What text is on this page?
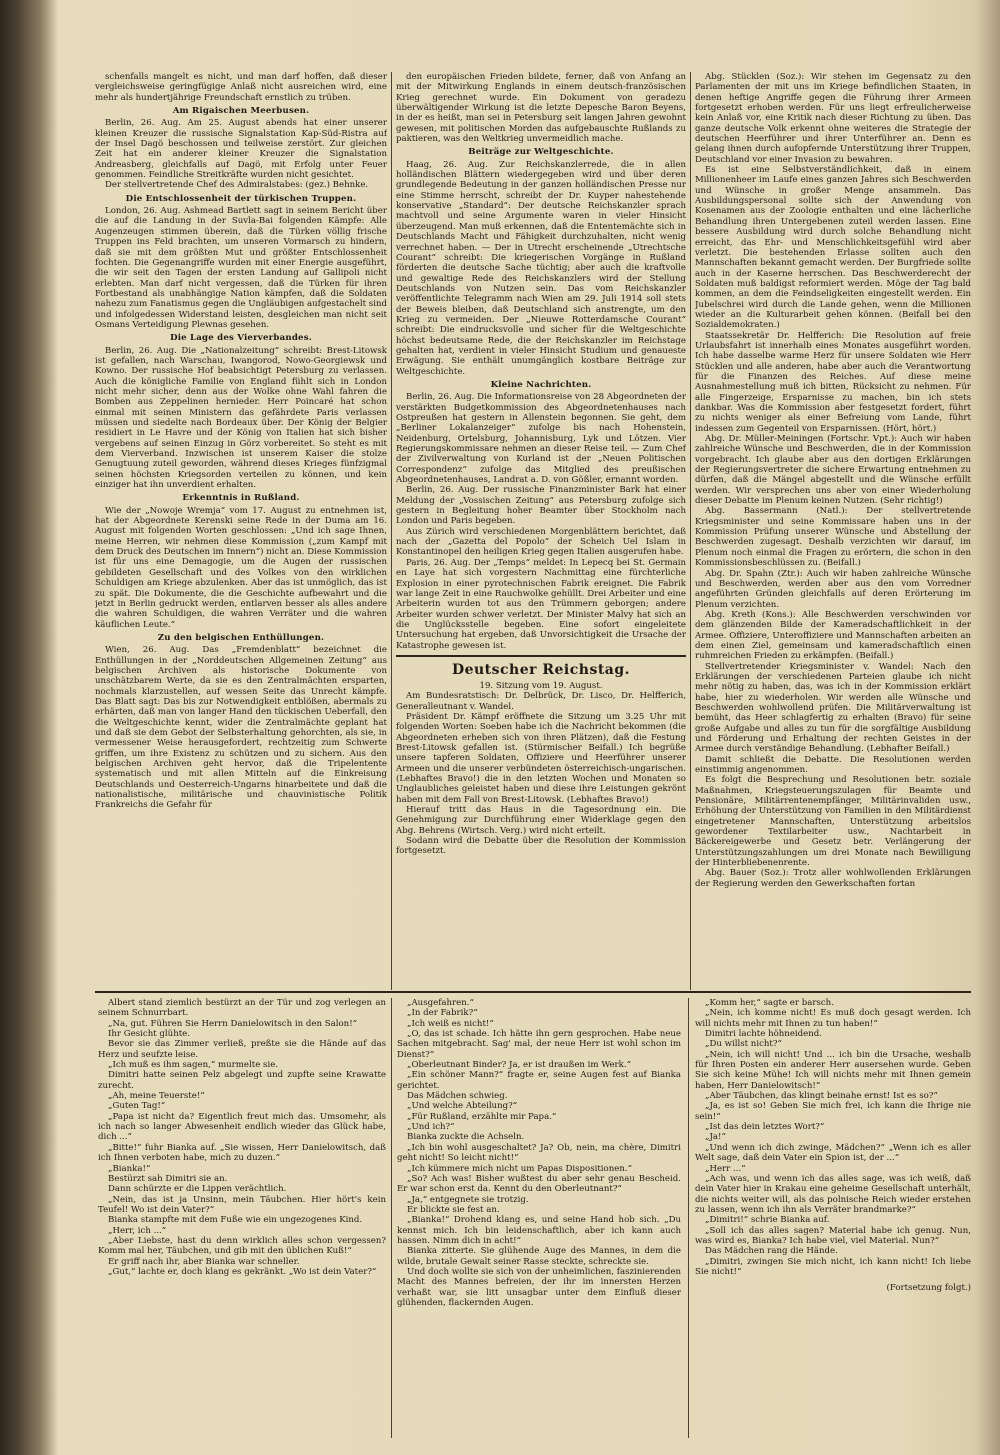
schenfalls mangelt es nicht, und man darf hoffen, daß dieser vergleichsweise geringfügige Anlaß nicht ausreichen wird, eine mehr als hundertjährige Freundschaft ernstlich zu trüben.

Am Rigaischen Meerbusen.

Berlin, 26. Aug. Am 25. August abends hat einer unserer kleinen Kreuzer die russische Signalstation Kap-Süd-Ristra auf der Insel Dagö beschossen und teilweise zerstört. Zur gleichen Zeit hat ein anderer kleiner Kreuzer die Signalstation Andreasberg, gleichfalls auf Dagö, mit Erfolg unter Feuer genommen. Feindliche Streitkräfte wurden nicht gesichtet.

Der stellvertretende Chef des Admiralstabes: (gez.) Behnke.

Die Entschlossenheit der türkischen Truppen.

London, 26. Aug. Ashmead Bartlett sagt in seinem Bericht über die auf die Landung in der Suvla-Bai folgenden Kämpfe: Alle Augenzeugen stimmen überein, daß die Türken völlig frische Truppen ins Feld brachten, um unseren Vormarsch zu hindern, daß sie mit dem größten Mut und größter Entschlossenheit fochten. Die Gegenangriffe wurden mit einer Energie ausgeführt, die wir seit den Tagen der ersten Landung auf Gallipoli nicht erlebten. Man darf nicht vergessen, daß die Türken für ihren Fortbestand als unabhängige Nation kämpfen, daß die Soldaten nahezu zum Fanatismus gegen die Ungläubigen aufgestachelt sind und infolgedessen Widerstand leisten, desgleichen man nicht seit Osmans Verteidigung Plewnas gesehen.

Die Lage des Vierverbandes.

Berlin, 26. Aug. Die „Nationalzeitung“ schreibt: Brest-Litowsk ist gefallen, nach Warschau, Iwangorod, Nowo-Georgiewsk und Kowno. Der russische Hof beabsichtigt Petersburg zu verlassen. Auch die königliche Familie von England fühlt sich in London nicht mehr sicher, denn aus der Wolke ohne Wahl fahren die Bomben aus Zeppelinen hernieder. Herr Poincaré hat schon einmal mit seinen Ministern das gefährdete Paris verlassen müssen und siedelte nach Bordeaux über. Der König der Belgier residiert in Le Havre und der König von Italien hat sich bisher vergebens auf seinen Einzug in Görz vorbereitet. So steht es mit dem Vierverband. Inzwischen ist unserem Kaiser die stolze Genugtuung zuteil geworden, während dieses Krieges fünfzigmal seinen höchsten Kriegsorden verteilen zu können, und kein einziger hat ihn unverdient erhalten.

Erkenntnis in Rußland.

Wie der „Nowoje Wremja“ vom 17. August zu entnehmen ist, hat der Abgeordnete Kerenski seine Rede in der Duma am 16. August mit folgenden Worten geschlossen: „Und ich sage Ihnen, meine Herren, wir nehmen diese Kommission („zum Kampf mit dem Druck des Deutschen im Innern“) nicht an. Diese Kommission ist für uns eine Demagogie, um die Augen der russischen gebildeten Gesellschaft und des Volkes von den wirklichen Schuldigen am Kriege abzulenken. Aber das ist unmöglich, das ist zu spät. Die Dokumente, die die Geschichte aufbewahrt und die jetzt in Berlin gedruckt werden, entlarven besser als alles andere die wahren Schuldigen, die wahren Verräter und die wahren käuflichen Leute.“

Zu den belgischen Enthüllungen.

Wien, 26. Aug. Das „Fremdenblatt“ bezeichnet die Enthüllungen in der „Norddeutschen Allgemeinen Zeitung“ aus belgischen Archiven als historische Dokumente von unschätzbarem Werte, da sie es den Zentralmächten ersparten, nochmals klarzustellen, auf wessen Seite das Unrecht kämpfe. Das Blatt sagt: Das bis zur Notwendigkeit entblößen, abermals zu erhärten, daß man von langer Hand den tückischen Ueberfall, den die Weltgeschichte kennt, wider die Zentralmächte geplant hat und daß sie dem Gebot der Selbsterhaltung gehorchten, als sie, in vermessener Weise herausgefordert, rechtzeitig zum Schwerte griffen, um ihre Existenz zu schützen und zu sichern. Aus den belgischen Archiven geht hervor, daß die Tripelentente systematisch und mit allen Mitteln auf die Einkreisung Deutschlands und Oesterreich-Ungarns hinarbeitete und daß die nationalistische, militärische und chauvinistische Politik Frankreichs die Gefahr für

den europäischen Frieden bildete, ferner, daß von Anfang an mit der Mitwirkung Englands in einem deutsch-französischen Krieg gerechnet wurde. Ein Dokument von geradezu überwältigender Wirkung ist die letzte Depesche Baron Beyens, in der es heißt, man sei in Petersburg seit langen Jahren gewohnt gewesen, mit politischen Morden das aufgebauschte Rußlands zu paktieren, was den Weltkrieg unvermeidlich mache.

Beiträge zur Weltgeschichte.

Haag, 26. Aug. Zur Reichskanzlerrede, die in allen holländischen Blättern wiedergegeben wird und über deren grundlegende Bedeutung in der ganzen holländischen Presse nur eine Stimme herrscht, schreibt der Dr. Kuyper nahestehende konservative „Standard“: Der deutsche Reichskanzler sprach machtvoll und seine Argumente waren in vieler Hinsicht überzeugend. Man muß erkennen, daß die Ententemächte sich in Deutschlands Macht und Fähigkeit durchzuhalten, nicht wenig verrechnet haben. — Der in Utrecht erscheinende „Utrechtsche Courant“ schreibt: Die kriegerischen Vorgänge in Rußland förderten die deutsche Sache tüchtig; aber auch die kraftvolle und gewaltige Rede des Reichskanzlers wird der Stellung Deutschlands von Nutzen sein. Das vom Reichskanzler veröffentlichte Telegramm nach Wien am 29. Juli 1914 soll stets der Beweis bleiben, daß Deutschland sich anstrengte, um den Krieg zu vermeiden. Der „Nieuwe Rotterdamsche Courant“ schreibt: Die eindrucksvolle und sicher für die Weltgeschichte höchst bedeutsame Rede, die der Reichskanzler im Reichstage gehalten hat, verdient in vieler Hinsicht Studium und genaueste Erwägung. Sie enthält unumgänglich kostbare Beiträge zur Weltgeschichte.

Kleine Nachrichten.

Berlin, 26. Aug. Die Informationsreise von 28 Abgeordneten der verstärkten Budgetkommission des Abgeordnetenhauses nach Ostpreußen hat gestern in Allenstein begonnen. Sie geht, dem „Berliner Lokalanzeiger“ zufolge bis nach Hohenstein, Neidenburg, Ortelsburg, Johannisburg, Lyk und Lötzen. Vier Regierungskommissare nehmen an dieser Reise teil. — Zum Chef der Zivilverwaltung von Kurland ist der „Neuen Politischen Correspondenz“ zufolge das Mitglied des preußischen Abgeordnetenhauses, Landrat a. D. von Gößler, ernannt worden.

Berlin, 26. Aug. Der russische Finanzminister Bark hat einer Meldung der „Vossischen Zeitung“ aus Petersburg zufolge sich gestern in Begleitung hoher Beamter über Stockholm nach London und Paris begeben.

Aus Zürich wird verschiedenen Morgenblättern berichtet, daß nach der „Gazetta del Popolo“ der Scheich Uel Islam in Konstantinopel den heiligen Krieg gegen Italien ausgerufen habe.

Paris, 26. Aug. Der „Temps“ meldet: In Lepecq bei St. Germain en Laye hat sich vorgestern Nachmittag eine fürchterliche Explosion in einer pyrotechnischen Fabrik ereignet. Die Fabrik war lange Zeit in eine Rauchwolke gehüllt. Drei Arbeiter und eine Arbeiterin wurden tot aus den Trümmern geborgen; andere Arbeiter wurden schwer verletzt. Der Minister Malvy hat sich an die Unglücksstelle begeben. Eine sofort eingeleitete Untersuchung hat ergeben, daß Unvorsichtigkeit die Ursache der Katastrophe gewesen ist.

Deutscher Reichstag.
19. Sitzung vom 19. August.

Am Bundesratstisch: Dr. Delbrück, Dr. Lisco, Dr. Helfferich, Generalleutnant v. Wandel.

Präsident Dr. Kämpf eröffnete die Sitzung um 3.25 Uhr mit folgenden Worten: Soeben habe ich die Nachricht bekommen (die Abgeordneten erheben sich von ihren Plätzen), daß die Festung Brest-Litowsk gefallen ist. (Stürmischer Beifall.) Ich begrüße unsere tapferen Soldaten, Offiziere und Heerführer unserer Armeen und die unserer verbündeten österreichisch-ungarischen. (Lebhaftes Bravo!) die in den letzten Wochen und Monaten so Unglaubliches geleistet haben und diese ihre Leistungen gekrönt haben mit dem Fall von Brest-Litowsk. (Lebhaftes Bravo!)

Hierauf tritt das Haus in die Tagesordnung ein. Die Genehmigung zur Durchführung einer Widerklage gegen den Abg. Behrens (Wirtsch. Verg.) wird nicht erteilt.

Sodann wird die Debatte über die Resolution der Kommission fortgesetzt.

Abg. Stücklen (Soz.): Wir stehen im Gegensatz zu den Parlamenten der mit uns im Kriege befindlichen Staaten, in denen heftige Angriffe gegen die Führung ihrer Armeen fortgesetzt erhoben werden. Für uns liegt erfreulicherweise kein Anlaß vor, eine Kritik nach dieser Richtung zu üben. Das ganze deutsche Volk erkennt ohne weiteres die Strategie der deutschen Heerführer und ihrer Unterführer an. Denn es gelang ihnen durch aufopfernde Unterstützung ihrer Truppen, Deutschland vor einer Invasion zu bewahren.

Es ist eine Selbstverständlichkeit, daß in einem Millionenheer im Laufe eines ganzen Jahres sich Beschwerden und Wünsche in großer Menge ansammeln. Das Ausbildungspersonal sollte sich der Anwendung von Kosenamen aus der Zoologie enthalten und eine lächerliche Behandlung ihren Untergebenen zuteil werden lassen. Eine bessere Ausbildung wird durch solche Behandlung nicht erreicht, das Ehr- und Menschlichkeitsgefühl wird aber verletzt. Die bestehenden Erlasse sollten auch den Mannschaften bekannt gemacht werden. Der Burgfriede sollte auch in der Kaserne herrschen. Das Beschwerderecht der Soldaten muß baldigst reformiert werden. Möge der Tag bald kommen, an dem die Feindseligkeiten eingestellt werden. Ein Jubelschrei wird durch die Lande gehen, wenn die Millionen wieder an die Kulturarbeit gehen können. (Beifall bei den Sozialdemokraten.)

Staatssekretär Dr. Helfferich: Die Resolution auf freie Urlaubsfahrt ist innerhalb eines Monates ausgeführt worden. Ich habe dasselbe warme Herz für unsere Soldaten wie Herr Stücklen und alle anderen, habe aber auch die Verantwortung für die Finanzen des Reiches. Auf diese meine Ausnahmestellung muß ich bitten, Rücksicht zu nehmen. Für alle Fingerzeige, Ersparnisse zu machen, bin ich stets dankbar. Was die Kommission aber festgesetzt fordert, führt zu nichts weniger als einer Befreiung vom Lande, führt indessen zum Gegenteil von Ersparnissen. (Hört, hört.)

Abg. Dr. Müller-Meiningen (Fortschr. Vpt.): Auch wir haben zahlreiche Wünsche und Beschwerden, die in der Kommission vorgebracht. Ich glaube aber aus den dortigen Erklärungen der Regierungsvertreter die sichere Erwartung entnehmen zu dürfen, daß die Mängel abgestellt und die Wünsche erfüllt werden. Wir versprechen uns aber von einer Wiederholung dieser Debatte im Plenum keinen Nutzen. (Sehr richtig!)

Abg. Bassermann (Natl.): Der stellvertretende Kriegsminister und seine Kommissare haben uns in der Kommission Prüfung unserer Wünsche und Abstellung der Beschwerden zugesagt. Deshalb verzichten wir darauf, im Plenum noch einmal die Fragen zu erörtern, die schon in den Kommissionsbeschlüssen zu. (Beifall.)

Abg. Dr. Spahn (Ztr.): Auch wir haben zahlreiche Wünsche und Beschwerden, werden aber aus den vom Vorredner angeführten Gründen gleichfalls auf deren Erörterung im Plenum verzichten.

Abg. Kreth (Kons.): Alle Beschwerden verschwinden vor dem glänzenden Bilde der Kameradschaftlichkeit in der Armee. Offiziere, Unteroffiziere und Mannschaften arbeiten an dem einen Ziel, gemeinsam und kameradschaftlich einen ruhmreichen Frieden zu erkämpfen. (Beifall.)

Stellvertretender Kriegsminister v. Wandel: Nach den Erklärungen der verschiedenen Parteien glaube ich nicht mehr nötig zu haben, das, was ich in der Kommission erklärt habe, hier zu wiederholen. Wir werden alle Wünsche und Beschwerden wohlwollend prüfen. Die Militärverwaltung ist bemüht, das Heer schlagfertig zu erhalten (Bravo) für seine große Aufgabe und alles zu tun für die sorgfältige Ausbildung und Förderung und Erhaltung der rechten Geistes in der Armee durch verständige Behandlung. (Lebhafter Beifall.)

Damit schließt die Debatte. Die Resolutionen werden einstimmig angenommen.

Es folgt die Besprechung und Resolutionen betr. soziale Maßnahmen, Kriegsteuerungszulagen für Beamte und Pensionäre, Militärrentenempfänger, Militärinvaliden usw., Erhöhung der Unterstützung von Familien in den Militärdienst eingetretener Mannschaften, Unterstützung arbeitslos gewordener Textilarbeiter usw., Nachtarbeit in Bäckereigewerbe und Gesetz betr. Verlängerung der Unterstützungszahlungen um drei Monate nach Bewilligung der Hinterbliebenenrente.

Abg. Bauer (Soz.): Trotz aller wohlwollenden Erklärungen der Regierung werden den Gewerkschaften fortan

Albert stand ziemlich bestürzt an der Tür und zog verlegen an seinem Schnurrbart.

„Na, gut. Führen Sie Herrn Danielowitsch in den Salon!“

Ihr Gesicht glühte.

Bevor sie das Zimmer verließ, preßte sie die Hände auf das Herz und seufzte leise.

„Ich muß es ihm sagen,“ murmelte sie.

Dimitri hatte seinen Pelz abgelegt und zupfte seine Krawatte zurecht.

„Ah, meine Teuerste!“

„Guten Tag!“

„Papa ist nicht da? Eigentlich freut mich das. Umsomehr, als ich nach so langer Abwesenheit endlich wieder das Glück habe, dich ...“

„Bitte!“ fuhr Bianka auf. „Sie wissen, Herr Danielowitsch, daß ich Ihnen verboten habe, mich zu duzen.“

„Bianka!“

Bestürzt sah Dimitri sie an.

Dann schürzte er die Lippen verächtlich.

„Nein, das ist ja Unsinn, mein Täubchen. Hier hört's kein Teufel! Wo ist dein Vater?“

Bianka stampfte mit dem Fuße wie ein ungezogenes Kind.

„Herr, ich ...“

„Aber Liebste, hast du denn wirklich alles schon vergessen? Komm mal her, Täubchen, und gib mit den üblichen Kuß!“

Er griff nach ihr, aber Bianka war schneller.

„Gut,“ lachte er, doch klang es gekränkt. „Wo ist dein Vater?“

„Ausgefahren.“

„In der Fabrik?“

„Ich weiß es nicht!“

„O, das ist schade. Ich hätte ihn gern gesprochen. Habe neue Sachen mitgebracht. Sag' mal, der neue Herr ist wohl schon im Dienst?“

„Oberleutnant Binder? Ja, er ist draußen im Werk.“

„Ein schöner Mann?“ fragte er, seine Augen fest auf Bianka gerichtet.

Das Mädchen schwieg.

„Und welche Abteilung?“

„Für Rußland, erzählte mir Papa.“

„Und ich?“

Bianka zuckte die Achseln.

„Ich bin wohl ausgeschaltet? Ja? Ob, nein, ma chère, Dimitri geht nicht! So leicht nicht!“

„Ich kümmere mich nicht um Papas Dispositionen.“

„So? Ach was! Bisher wußtest du aber sehr genau Bescheid. Er war schon erst da. Kennt du den Oberleutnant?“

„Ja,“ entgegnete sie trotzig.

Er blickte sie fest an.

„Bianka!“ Drohend klang es, und seine Hand hob sich. „Du kennst mich. Ich bin leidenschaftlich, aber ich kann auch hassen. Nimm dich in acht!“

Bianka zitterte. Sie glühende Auge des Mannes, in dem die wilde, brutale Gewalt seiner Rasse steckte, schreckte sie.

Und doch wollte sie sich von der unheimlichen, faszinierenden Macht des Mannes befreien, der ihr im innersten Herzen verhaßt war, sie litt unsagbar unter dem Einfluß dieser glühenden, flackernden Augen.

„Komm her,“ sagte er barsch.

„Nein, ich komme nicht! Es muß doch gesagt werden. Ich will nichts mehr mit Ihnen zu tun haben!“

Dimitri lachte höhneidend.

„Du willst nicht?“

„Nein, ich will nicht! Und ... ich bin die Ursache, weshalb für Ihren Posten ein anderer Herr ausersehen wurde. Geben Sie sich keine Mühe! Ich will nichts mehr mit Ihnen gemein haben, Herr Danielowitsch!“

„Aber Täubchen, das klingt beinahe ernst! Ist es so?“

„Ja, es ist so! Geben Sie mich frei, ich kann die Ihrige nie sein!“

„Ist das dein letztes Wort?“

„Ja!“

„Und wenn ich dich zwinge, Mädchen?“ „Wenn ich es aller Welt sage, daß dein Vater ein Spion ist, der ...“

„Herr ...“

„Ach was, und wenn ich das alles sage, was ich weiß, daß dein Vater hier in Krakau eine geheime Gesellschaft unterhält, die nichts weiter will, als das polnische Reich wieder erstehen zu lassen, wenn ich ihn als Verräter brandmarke?“

„Dimitri!“ schrie Bianka auf.

„Soll ich das alles sagen? Material habe ich genug. Nun, was wird es, Bianka? Ich habe viel, viel Material. Nun?“

Das Mädchen rang die Hände.

„Dimitri, zwingen Sie mich nicht, ich kann nicht! Ich liebe Sie nicht!“

(Fortsetzung folgt.)
